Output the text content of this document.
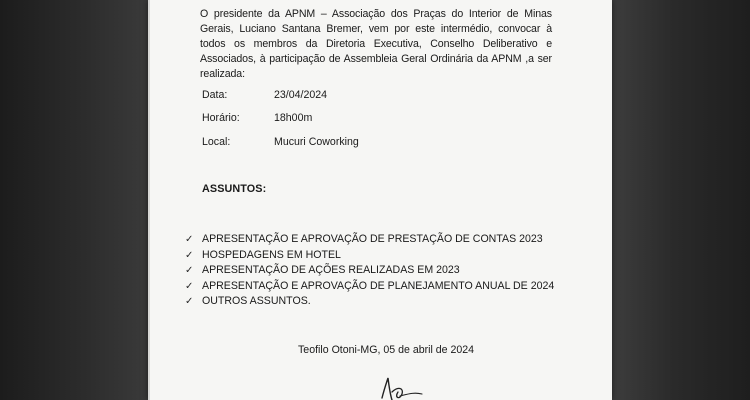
O presidente da APNM – Associação dos Praças do Interior de Minas Gerais, Luciano Santana Bremer, vem por este intermédio, convocar à todos os membros da Diretoria Executiva, Conselho Deliberativo e Associados, à participação de Assembleia Geral Ordinária da APNM ,a ser realizada:

Data:	23/04/2024
Horário:	18h00m
Local:	Mucuri Coworking
ASSUNTOS:
✓ APRESENTAÇÃO E APROVAÇÃO DE PRESTAÇÃO DE CONTAS 2023
✓ HOSPEDAGENS EM HOTEL
✓ APRESENTAÇÃO DE AÇÕES REALIZADAS EM 2023
✓ APRESENTAÇÃO E APROVAÇÃO DE PLANEJAMENTO ANUAL DE 2024
✓ OUTROS ASSUNTOS.
Teofilo Otoni-MG, 05 de abril de 2024
